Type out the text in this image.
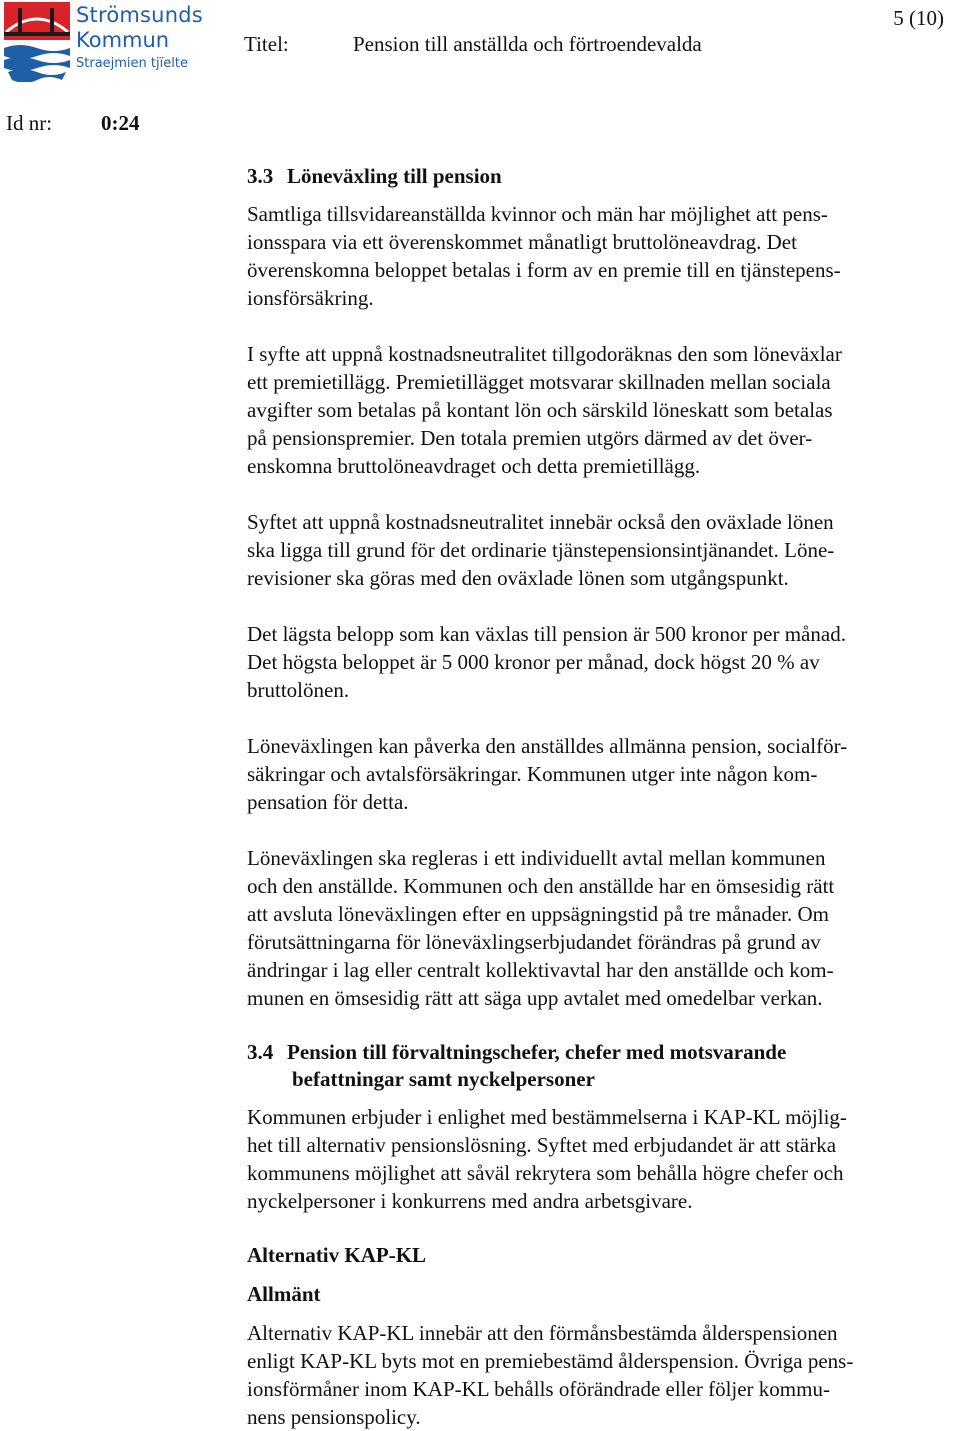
Strömsunds
Kommun
Straejmien tjïelte
Titel:	Pension till anställda och förtroendevalda
5 (10)
Id nr: 0:24
3.3 Löneväxling till pension

Samtliga tillsvidareanställda kvinnor och män har möjlighet att pens-
ionsspara via ett överenskommet månatligt bruttolöneavdrag. Det
överenskomna beloppet betalas i form av en premie till en tjänstepens-
ionsförsäkring.

I syfte att uppnå kostnadsneutralitet tillgodoräknas den som löneväxlar
ett premietillägg. Premietillägget motsvarar skillnaden mellan sociala
avgifter som betalas på kontant lön och särskild löneskatt som betalas
på pensionspremier. Den totala premien utgörs därmed av det över-
enskomna bruttolöneavdraget och detta premietillägg.

Syftet att uppnå kostnadsneutralitet innebär också den oväxlade lönen
ska ligga till grund för det ordinarie tjänstepensionsintjänandet. Löne-
revisioner ska göras med den oväxlade lönen som utgångspunkt.

Det lägsta belopp som kan växlas till pension är 500 kronor per månad.
Det högsta beloppet är 5 000 kronor per månad, dock högst 20 % av
bruttolönen.

Löneväxlingen kan påverka den anställdes allmänna pension, socialför-
säkringar och avtalsförsäkringar. Kommunen utger inte någon kom-
pensation för detta.

Löneväxlingen ska regleras i ett individuellt avtal mellan kommunen
och den anställde. Kommunen och den anställde har en ömsesidig rätt
att avsluta löneväxlingen efter en uppsägningstid på tre månader. Om
förutsättningarna för löneväxlingserbjudandet förändras på grund av
ändringar i lag eller centralt kollektivavtal har den anställde och kom-
munen en ömsesidig rätt att säga upp avtalet med omedelbar verkan.

3.4 Pension till förvaltningschefer, chefer med motsvarande
befattningar samt nyckelpersoner

Kommunen erbjuder i enlighet med bestämmelserna i KAP-KL möjlig-
het till alternativ pensionslösning. Syftet med erbjudandet är att stärka
kommunens möjlighet att såväl rekrytera som behålla högre chefer och
nyckelpersoner i konkurrens med andra arbetsgivare.

Alternativ KAP-KL
Allmänt

Alternativ KAP-KL innebär att den förmånsbestämda ålderspensionen
enligt KAP-KL byts mot en premiebestämd ålderspension. Övriga pens-
ionsförmåner inom KAP-KL behålls oförändrade eller följer kommu-
nens pensionspolicy.
